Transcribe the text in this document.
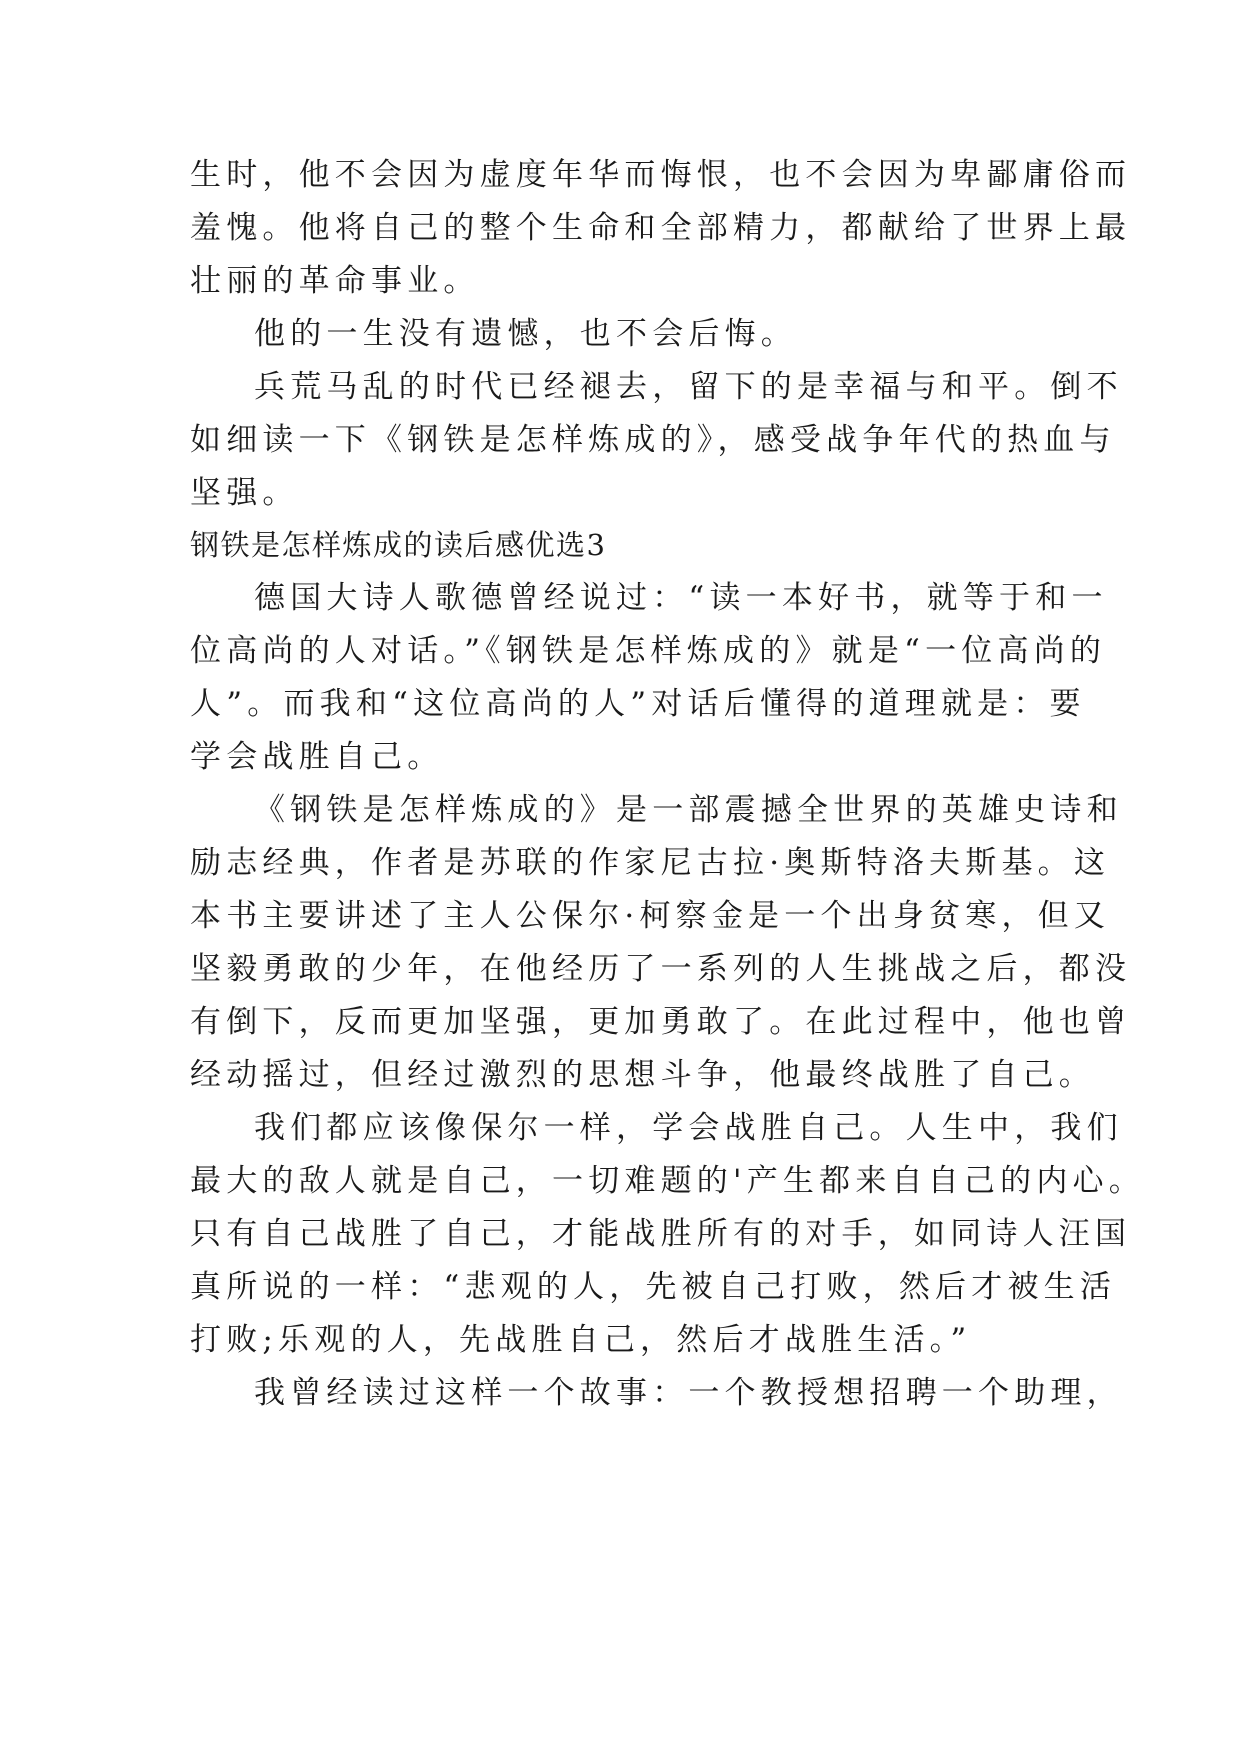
生时，他不会因为虚度年华而悔恨，也不会因为卑鄙庸俗而
羞愧。他将自己的整个生命和全部精力，都献给了世界上最
壮丽的革命事业。
他的一生没有遗憾，也不会后悔。
兵荒马乱的时代已经褪去，留下的是幸福与和平。倒不
如细读一下《钢铁是怎样炼成的》，感受战争年代的热血与
坚强。
钢铁是怎样炼成的读后感优选3
德国大诗人歌德曾经说过：“读一本好书，就等于和一
位高尚的人对话。”《钢铁是怎样炼成的》就是“一位高尚的
人”。而我和“这位高尚的人”对话后懂得的道理就是：要
学会战胜自己。
《钢铁是怎样炼成的》是一部震撼全世界的英雄史诗和
励志经典，作者是苏联的作家尼古拉·奥斯特洛夫斯基。这
本书主要讲述了主人公保尔·柯察金是一个出身贫寒，但又
坚毅勇敢的少年，在他经历了一系列的人生挑战之后，都没
有倒下，反而更加坚强，更加勇敢了。在此过程中，他也曾
经动摇过，但经过激烈的思想斗争，他最终战胜了自己。
我们都应该像保尔一样，学会战胜自己。人生中，我们
最大的敌人就是自己，一切难题的'产生都来自自己的内心。
只有自己战胜了自己，才能战胜所有的对手，如同诗人汪国
真所说的一样：“悲观的人，先被自己打败，然后才被生活
打败;乐观的人，先战胜自己，然后才战胜生活。”
我曾经读过这样一个故事：一个教授想招聘一个助理，
